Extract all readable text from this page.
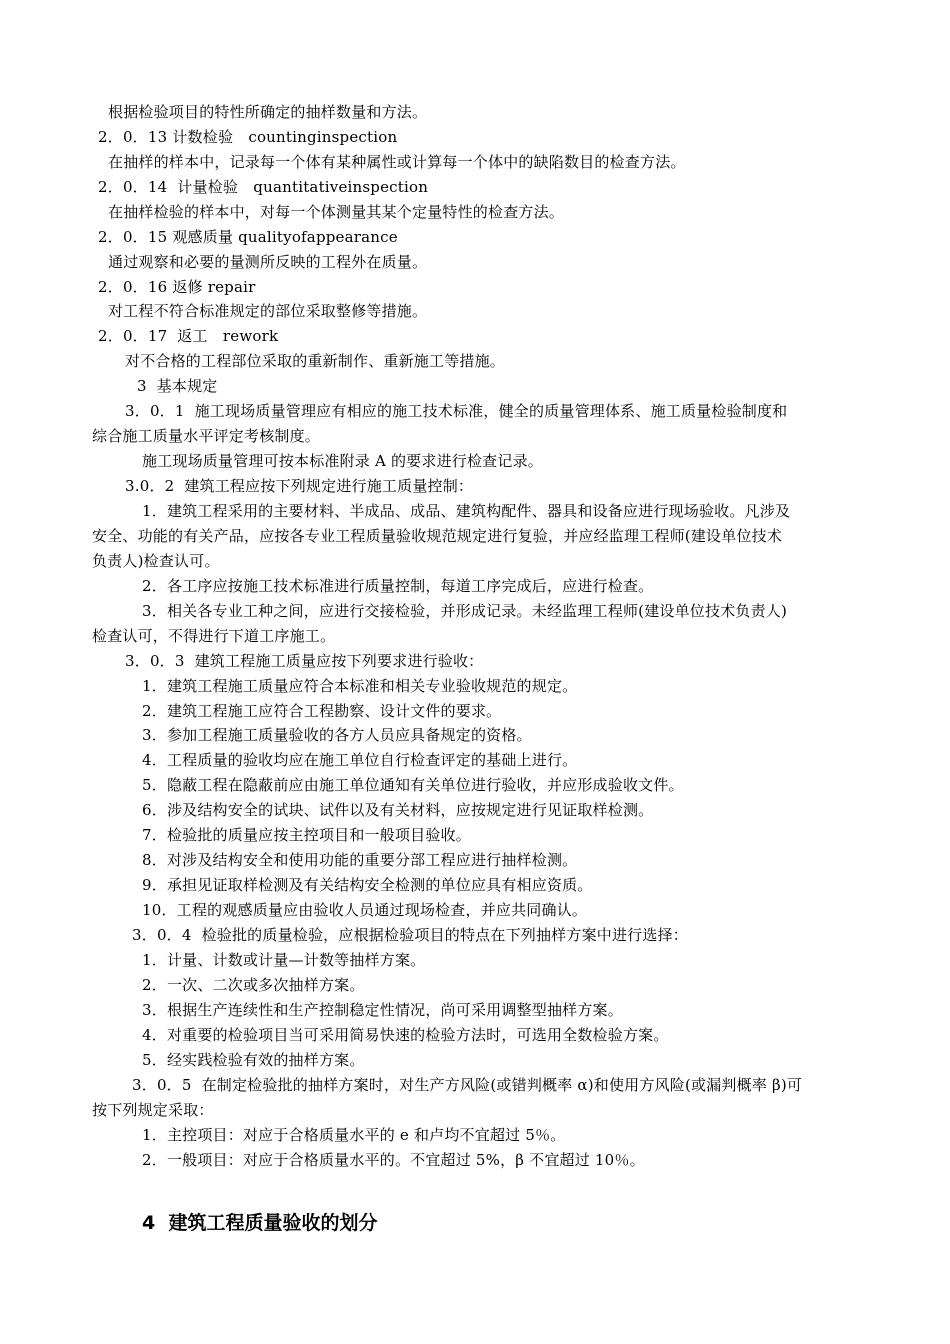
根据检验项目的特性所确定的抽样数量和方法。

2．0．13 计数检验　countinginspection

在抽样的样本中，记录每一个体有某种属性或计算每一个体中的缺陷数目的检查方法。

2．0．14  计量检验　quantitativeinspection

在抽样检验的样本中，对每一个体测量其某个定量特性的检查方法。

2．0．15 观感质量 qualityofappearance

通过观察和必要的量测所反映的工程外在质量。

2．0．16 返修 repair

对工程不符合标准规定的部位采取整修等措施。

2．0．17  返工　rework

对不合格的工程部位采取的重新制作、重新施工等措施。

3  基本规定

3．0．1  施工现场质量管理应有相应的施工技术标准，健全的质量管理体系、施工质量检验制度和

综合施工质量水平评定考核制度。

施工现场质量管理可按本标准附录 A 的要求进行检查记录。

3.0．2  建筑工程应按下列规定进行施工质量控制：

1．建筑工程采用的主要材料、半成品、成品、建筑构配件、器具和设备应进行现场验收。凡涉及

安全、功能的有关产品，应按各专业工程质量验收规范规定进行复验，并应经监理工程师(建设单位技术

负责人)检查认可。

2．各工序应按施工技术标准进行质量控制，每道工序完成后，应进行检查。

3．相关各专业工种之间，应进行交接检验，并形成记录。未经监理工程师(建设单位技术负责人)

检查认可，不得进行下道工序施工。

3．0．3  建筑工程施工质量应按下列要求进行验收：

1．建筑工程施工质量应符合本标准和相关专业验收规范的规定。

2．建筑工程施工应符合工程勘察、设计文件的要求。

3．参加工程施工质量验收的各方人员应具备规定的资格。

4．工程质量的验收均应在施工单位自行检查评定的基础上进行。

5．隐蔽工程在隐蔽前应由施工单位通知有关单位进行验收，并应形成验收文件。

6．涉及结构安全的试块、试件以及有关材料，应按规定进行见证取样检测。

7．检验批的质量应按主控项目和一般项目验收。

8．对涉及结构安全和使用功能的重要分部工程应进行抽样检测。

9．承担见证取样检测及有关结构安全检测的单位应具有相应资质。

10．工程的观感质量应由验收人员通过现场检查，并应共同确认。

3．0．4  检验批的质量检验，应根据检验项目的特点在下列抽样方案中进行选择：

1．计量、计数或计量—计数等抽样方案。

2．一次、二次或多次抽样方案。

3．根据生产连续性和生产控制稳定性情况，尚可采用调整型抽样方案。

4．对重要的检验项目当可采用简易快速的检验方法时，可选用全数检验方案。

5．经实践检验有效的抽样方案。

3．0．5  在制定检验批的抽样方案时，对生产方风险(或错判概率 α)和使用方风险(或漏判概率 β)可

按下列规定采取：

1．主控项目：对应于合格质量水平的 e 和卢均不宜超过 5％。

2．一般项目：对应于合格质量水平的。不宜超过 5%，β 不宜超过 10％。

4  建筑工程质量验收的划分
